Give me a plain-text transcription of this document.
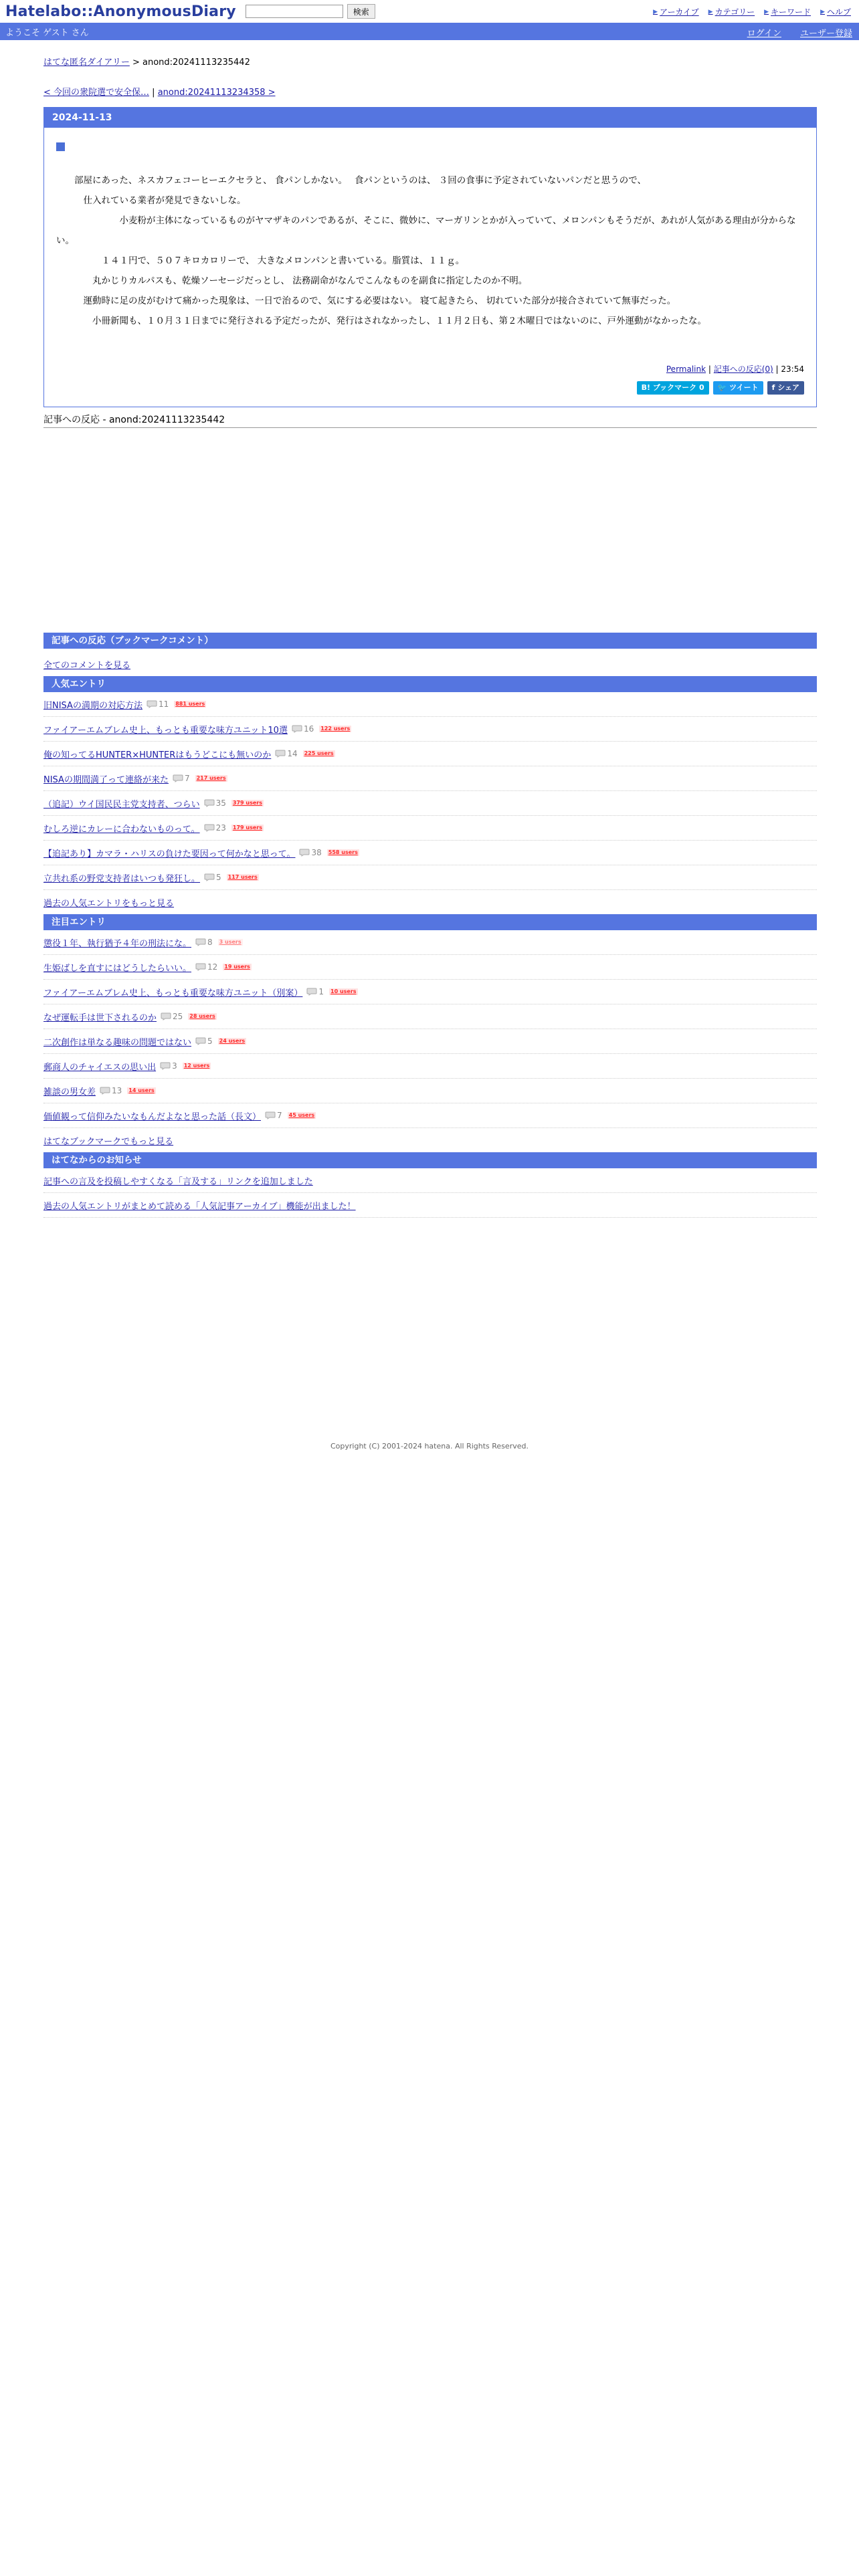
Hatelabo::AnonymousDiary	検索	▶ アーカイブ ▶ カテゴリー ▶ キーワード ▶ ヘルプ
ようこそ ゲスト さん	ログイン ユーザー登録
はてな匿名ダイアリー > anond:20241113235442
< 今回の衆院選で安全保… | anond:20241113234358 >
2024-11-13

　　部屋にあった、ネスカフェコーヒーエクセラと、 食パンしかない。　 食パンというのは、 ３回の食事に予定されていないパンだと思うので、

　　　仕入れている業者が発見できないしな。

　　　　　　　小麦粉が主体になっているものがヤマザキのパンであるが、そこに、微妙に、マーガリンとかが入っていて、メロンパンもそうだが、あれが人気がある理由が分からない。

　　　　　１４１円で、５０７キロカロリーで、 大きなメロンパンと書いている。脂質は、１１ｇ。

　　　　丸かじりカルパスも、乾燥ソーセージだっとし、 法務副命がなんでこんなものを副食に指定したのか不明。

　　　運動時に足の皮がむけて痛かった現象は、一日で治るので、気にする必要はない。 寝て起きたら、 切れていた部分が接合されていて無事だった。

　　　　小冊新聞も、１０月３１日までに発行される予定だったが、発行はされなかったし、１１月２日も、第２木曜日ではないのに、戸外運動がなかったな。

Permalink | 記事への反応(0) | 23:54
B! ブックマーク 0	🐦 ツイート	f シェア
記事への反応 - anond:20241113235442
記事への反応（ブックマークコメント）
全てのコメントを見る
人気エントリ
旧NISAの満期の対応方法 11 881 users
ファイアーエムブレム史上、もっとも重要な味方ユニット10選 16 122 users
俺の知ってるHUNTER×HUNTERはもうどこにも無いのか 14 225 users
NISAの期間満了って連絡が来た 7 217 users
（追記）ウイ国民民主党支持者、つらい 35 379 users
むしろ逆にカレーに合わないものって。 23 179 users
【追記あり】カマラ・ハリスの負けた要因って何かなと思って。 38 558 users
立共れ系の野党支持者はいつも発狂し。 5 117 users
過去の人気エントリをもっと見る
注目エントリ
懲役１年、執行猶予４年の刑法にな。 8 3 users
生姫ばしを直すにはどうしたらいい。 12 19 users
ファイアーエムブレム史上、もっとも重要な味方ユニット（別案） 1 10 users
なぜ運転手は世下されるのか 25 28 users
二次創作は単なる趣味の問題ではない 5 24 users
郵商人のチャイエスの思い出 3 12 users
雑談の男女差 13 14 users
価値観って信仰みたいなもんだよなと思った話（長文） 7 45 users
はてなブックマークでもっと見る
はてなからのお知らせ
記事への言及を投稿しやすくなる「言及する」リンクを追加しました
過去の人気エントリがまとめて読める「人気記事アーカイブ」機能が出ました！
Copyright (C) 2001-2024 hatena. All Rights Reserved.
